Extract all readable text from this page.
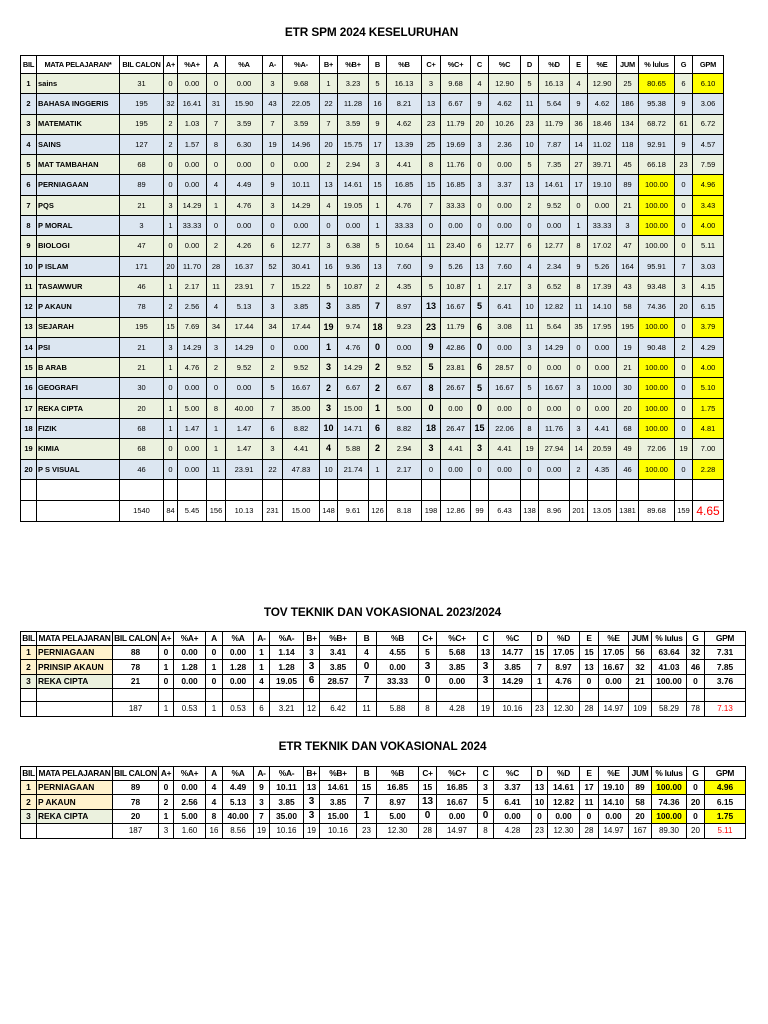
ETR SPM 2024 KESELURUHAN
BIL	MATA PELAJARAN*	BIL CALON	A+	%A+	A	%A	A-	%A-	B+	%B+	B	%B	C+	%C+	C	%C	D	%D	E	%E	JUM	% lulus	G	GPM

1	sains	31	0	0.00	0	0.00	3	9.68	1	3.23	5	16.13	3	9.68	4	12.90	5	16.13	4	12.90	25	80.65	6	6.10
2	BAHASA INGGERIS	195	32	16.41	31	15.90	43	22.05	22	11.28	16	8.21	13	6.67	9	4.62	11	5.64	9	4.62	186	95.38	9	3.06
3	MATEMATIK	195	2	1.03	7	3.59	7	3.59	7	3.59	9	4.62	23	11.79	20	10.26	23	11.79	36	18.46	134	68.72	61	6.72
4	SAINS	127	2	1.57	8	6.30	19	14.96	20	15.75	17	13.39	25	19.69	3	2.36	10	7.87	14	11.02	118	92.91	9	4.57
5	MAT TAMBAHAN	68	0	0.00	0	0.00	0	0.00	2	2.94	3	4.41	8	11.76	0	0.00	5	7.35	27	39.71	45	66.18	23	7.59
6	PERNIAGAAN	89	0	0.00	4	4.49	9	10.11	13	14.61	15	16.85	15	16.85	3	3.37	13	14.61	17	19.10	89	100.00	0	4.96
7	PQS	21	3	14.29	1	4.76	3	14.29	4	19.05	1	4.76	7	33.33	0	0.00	2	9.52	0	0.00	21	100.00	0	3.43
8	P MORAL	3	1	33.33	0	0.00	0	0.00	0	0.00	1	33.33	0	0.00	0	0.00	0	0.00	1	33.33	3	100.00	0	4.00
9	BIOLOGI	47	0	0.00	2	4.26	6	12.77	3	6.38	5	10.64	11	23.40	6	12.77	6	12.77	8	17.02	47	100.00	0	5.11
10	P ISLAM	171	20	11.70	28	16.37	52	30.41	16	9.36	13	7.60	9	5.26	13	7.60	4	2.34	9	5.26	164	95.91	7	3.03
11	TASAWWUR	46	1	2.17	11	23.91	7	15.22	5	10.87	2	4.35	5	10.87	1	2.17	3	6.52	8	17.39	43	93.48	3	4.15
12	P AKAUN	78	2	2.56	4	5.13	3	3.85	3	3.85	7	8.97	13	16.67	5	6.41	10	12.82	11	14.10	58	74.36	20	6.15
13	SEJARAH	195	15	7.69	34	17.44	34	17.44	19	9.74	18	9.23	23	11.79	6	3.08	11	5.64	35	17.95	195	100.00	0	3.79
14	PSI	21	3	14.29	3	14.29	0	0.00	1	4.76	0	0.00	9	42.86	0	0.00	3	14.29	0	0.00	19	90.48	2	4.29
15	B ARAB	21	1	4.76	2	9.52	2	9.52	3	14.29	2	9.52	5	23.81	6	28.57	0	0.00	0	0.00	21	100.00	0	4.00
16	GEOGRAFI	30	0	0.00	0	0.00	5	16.67	2	6.67	2	6.67	8	26.67	5	16.67	5	16.67	3	10.00	30	100.00	0	5.10
17	REKA CIPTA	20	1	5.00	8	40.00	7	35.00	3	15.00	1	5.00	0	0.00	0	0.00	0	0.00	0	0.00	20	100.00	0	1.75
18	FIZIK	68	1	1.47	1	1.47	6	8.82	10	14.71	6	8.82	18	26.47	15	22.06	8	11.76	3	4.41	68	100.00	0	4.81
19	KIMIA	68	0	0.00	1	1.47	3	4.41	4	5.88	2	2.94	3	4.41	3	4.41	19	27.94	14	20.59	49	72.06	19	7.00
20	P S VISUAL	46	0	0.00	11	23.91	22	47.83	10	21.74	1	2.17	0	0.00	0	0.00	0	0.00	2	4.35	46	100.00	0	2.28

		1540	84	5.45	156	10.13	231	15.00	148	9.61	126	8.18	198	12.86	99	6.43	138	8.96	201	13.05	1381	89.68	159	4.65
TOV TEKNIK DAN VOKASIONAL 2023/2024
BIL	MATA PELAJARAN	BIL CALON	A+	%A+	A	%A	A-	%A-	B+	%B+	B	%B	C+	%C+	C	%C	D	%D	E	%E	JUM	% lulus	G	GPM

1	PERNIAGAAN	88	0	0.00	0	0.00	1	1.14	3	3.41	4	4.55	5	5.68	13	14.77	15	17.05	15	17.05	56	63.64	32	7.31
2	PRINSIP AKAUN	78	1	1.28	1	1.28	1	1.28	3	3.85	0	0.00	3	3.85	3	3.85	7	8.97	13	16.67	32	41.03	46	7.85
3	REKA CIPTA	21	0	0.00	0	0.00	4	19.05	6	28.57	7	33.33	0	0.00	3	14.29	1	4.76	0	0.00	21	100.00	0	3.76

		187	1	0.53	1	0.53	6	3.21	12	6.42	11	5.88	8	4.28	19	10.16	23	12.30	28	14.97	109	58.29	78	7.13
ETR TEKNIK DAN VOKASIONAL 2024
BIL	MATA PELAJARAN	BIL CALON	A+	%A+	A	%A	A-	%A-	B+	%B+	B	%B	C+	%C+	C	%C	D	%D	E	%E	JUM	% lulus	G	GPM

1	PERNIAGAAN	89	0	0.00	4	4.49	9	10.11	13	14.61	15	16.85	15	16.85	3	3.37	13	14.61	17	19.10	89	100.00	0	4.96
2	P AKAUN	78	2	2.56	4	5.13	3	3.85	3	3.85	7	8.97	13	16.67	5	6.41	10	12.82	11	14.10	58	74.36	20	6.15
3	REKA CIPTA	20	1	5.00	8	40.00	7	35.00	3	15.00	1	5.00	0	0.00	0	0.00	0	0.00	0	0.00	20	100.00	0	1.75
		187	3	1.60	16	8.56	19	10.16	19	10.16	23	12.30	28	14.97	8	4.28	23	12.30	28	14.97	167	89.30	20	5.11
